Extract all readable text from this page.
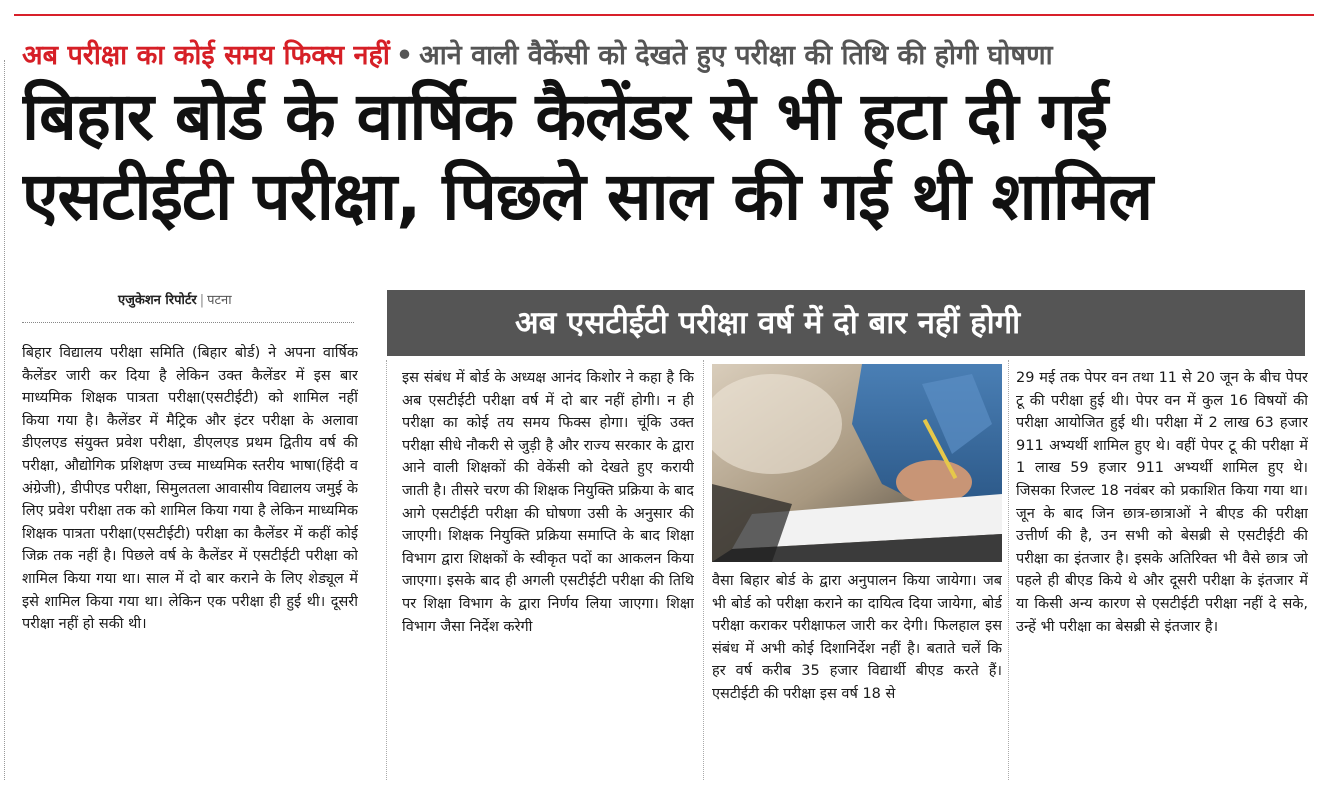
अब परीक्षा का कोई समय फिक्स नहीं • आने वाली वैकेंसी को देखते हुए परीक्षा की तिथि की होगी घोषणा
बिहार बोर्ड के वार्षिक कैलेंडर से भी हटा दी गई
एसटीईटी परीक्षा, पिछले साल की गई थी शामिल
एजुकेशन रिपोर्टर | पटना
अब एसटीईटी परीक्षा वर्ष में दो बार नहीं होगी
बिहार विद्यालय परीक्षा समिति (बिहार बोर्ड) ने अपना वार्षिक कैलेंडर जारी कर दिया है लेकिन उक्त कैलेंडर में इस बार माध्यमिक शिक्षक पात्रता परीक्षा(एसटीईटी) को शामिल नहीं किया गया है। कैलेंडर में मैट्रिक और इंटर परीक्षा के अलावा डीएलएड संयुक्त प्रवेश परीक्षा, डीएलएड प्रथम द्वितीय वर्ष की परीक्षा, औद्योगिक प्रशिक्षण उच्च माध्यमिक स्तरीय भाषा(हिंदी व अंग्रेजी), डीपीएड परीक्षा, सिमुलतला आवासीय विद्यालय जमुई के लिए प्रवेश परीक्षा तक को शामिल किया गया है लेकिन माध्यमिक शिक्षक पात्रता परीक्षा(एसटीईटी) परीक्षा का कैलेंडर में कहीं कोई जिक्र तक नहीं है। पिछले वर्ष के कैलेंडर में एसटीईटी परीक्षा को शामिल किया गया था। साल में दो बार कराने के लिए शेड्यूल में इसे शामिल किया गया था। लेकिन एक परीक्षा ही हुई थी। दूसरी परीक्षा नहीं हो सकी थी।
इस संबंध में बोर्ड के अध्यक्ष आनंद किशोर ने कहा है कि अब एसटीईटी परीक्षा वर्ष में दो बार नहीं होगी। न ही परीक्षा का कोई तय समय फिक्स होगा। चूंकि उक्त परीक्षा सीधे नौकरी से जुड़ी है और राज्य सरकार के द्वारा आने वाली शिक्षकों की वेकेंसी को देखते हुए करायी जाती है। तीसरे चरण की शिक्षक नियुक्ति प्रक्रिया के बाद आगे एसटीईटी परीक्षा की घोषणा उसी के अनुसार की जाएगी। शिक्षक नियुक्ति प्रक्रिया समाप्ति के बाद शिक्षा विभाग द्वारा शिक्षकों के स्वीकृत पदों का आकलन किया जाएगा। इसके बाद ही अगली एसटीईटी परीक्षा की तिथि पर शिक्षा विभाग के द्वारा निर्णय लिया जाएगा। शिक्षा विभाग जैसा निर्देश करेगी
वैसा बिहार बोर्ड के द्वारा अनुपालन किया जायेगा। जब भी बोर्ड को परीक्षा कराने का दायित्व दिया जायेगा, बोर्ड परीक्षा कराकर परीक्षाफल जारी कर देगी। फिलहाल इस संबंध में अभी कोई दिशानिर्देश नहीं है। बताते चलें कि हर वर्ष करीब 35 हजार विद्यार्थी बीएड करते हैं। एसटीईटी की परीक्षा इस वर्ष 18 से
29 मई तक पेपर वन तथा 11 से 20 जून के बीच पेपर टू की परीक्षा हुई थी। पेपर वन में कुल 16 विषयों की परीक्षा आयोजित हुई थी। परीक्षा में 2 लाख 63 हजार 911 अभ्यर्थी शामिल हुए थे। वहीं पेपर टू की परीक्षा में 1 लाख 59 हजार 911 अभ्यर्थी शामिल हुए थे। जिसका रिजल्ट 18 नवंबर को प्रकाशित किया गया था। जून के बाद जिन छात्र-छात्राओं ने बीएड की परीक्षा उत्तीर्ण की है, उन सभी को बेसब्री से एसटीईटी की परीक्षा का इंतजार है। इसके अतिरिक्त भी वैसे छात्र जो पहले ही बीएड किये थे और दूसरी परीक्षा के इंतजार में या किसी अन्य कारण से एसटीईटी परीक्षा नहीं दे सके, उन्हें भी परीक्षा का बेसब्री से इंतजार है।
